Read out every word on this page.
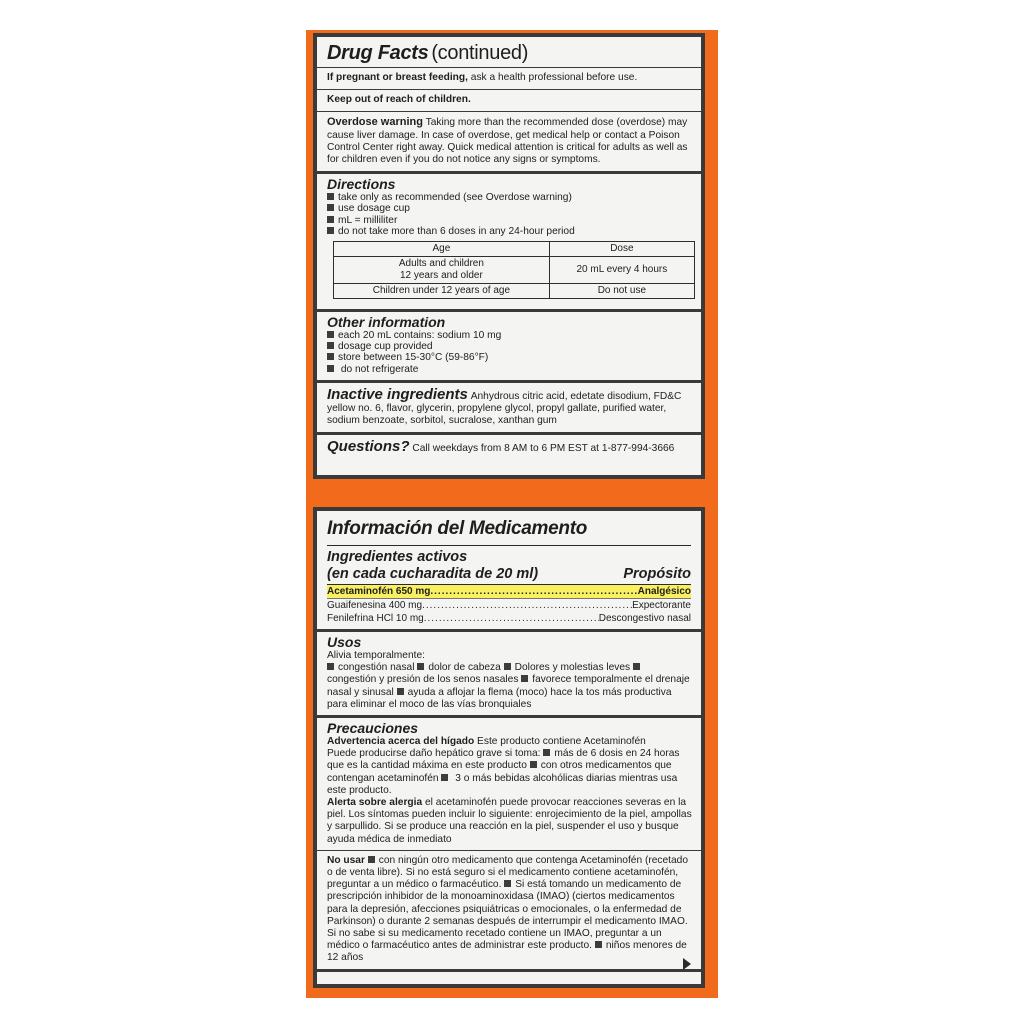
Drug Facts (continued)
If pregnant or breast feeding, ask a health professional before use.
Keep out of reach of children.
Overdose warning Taking more than the recommended dose (overdose) may cause liver damage. In case of overdose, get medical help or contact a Poison Control Center right away. Quick medical attention is critical for adults as well as for children even if you do not notice any signs or symptoms.
Directions
take only as recommended (see Overdose warning)
use dosage cup
mL = milliliter
do not take more than 6 doses in any 24-hour period
Age	Dose

Adults and children
12 years and older	20 mL every 4 hours
Children under 12 years of age	Do not use
Other information
each 20 mL contains: sodium 10 mg
dosage cup provided
store between 15-30°C (59-86°F)
do not refrigerate
Inactive ingredients Anhydrous citric acid, edetate disodium, FD&C yellow no. 6, flavor, glycerin, propylene glycol, propyl gallate, purified water, sodium benzoate, sorbitol, sucralose, xanthan gum
Questions? Call weekdays from 8 AM to 6 PM EST at 1-877-994-3666
Información del Medicamento
Ingredientes activos
(en cada cucharadita de 20 ml)	Propósito
Acetaminofén 650 mg .....	Analgésico
Guaifenesina 400 mg .....	Expectorante
Fenilefrina HCl 10 mg .....	Descongestivo nasal
Usos
Alivia temporalmente:
congestión nasal dolor de cabeza Dolores y molestias leves congestión y presión de los senos nasales favorece temporalmente el drenaje nasal y sinusal ayuda a aflojar la flema (moco) hace la tos más productiva para eliminar el moco de las vías bronquiales
Precauciones
Advertencia acerca del hígado Este producto contiene Acetaminofén
Puede producirse daño hepático grave si toma: más de 6 dosis en 24 horas que es la cantidad máxima en este producto con otros medicamentos que contengan acetaminofén  3 o más bebidas alcohólicas diarias mientras usa este producto.
Alerta sobre alergia el acetaminofén puede provocar reacciones severas en la piel. Los síntomas pueden incluir lo siguiente: enrojecimiento de la piel, ampollas y sarpullido. Si se produce una reacción en la piel, suspender el uso y busque ayuda médica de inmediato
No usar con ningún otro medicamento que contenga Acetaminofén (recetado o de venta libre). Si no está seguro si el medicamento contiene acetaminofén, preguntar a un médico o farmacéutico. Si está tomando un medicamento de prescripción inhibidor de la monoaminoxidasa (IMAO) (ciertos medicamentos para la depresión, afecciones psiquiátricas o emocionales, o la enfermedad de Parkinson) o durante 2 semanas después de interrumpir el medicamento IMAO. Si no sabe si su medicamento recetado contiene un IMAO, preguntar a un médico o farmacéutico antes de administrar este producto. niños menores de 12 años
